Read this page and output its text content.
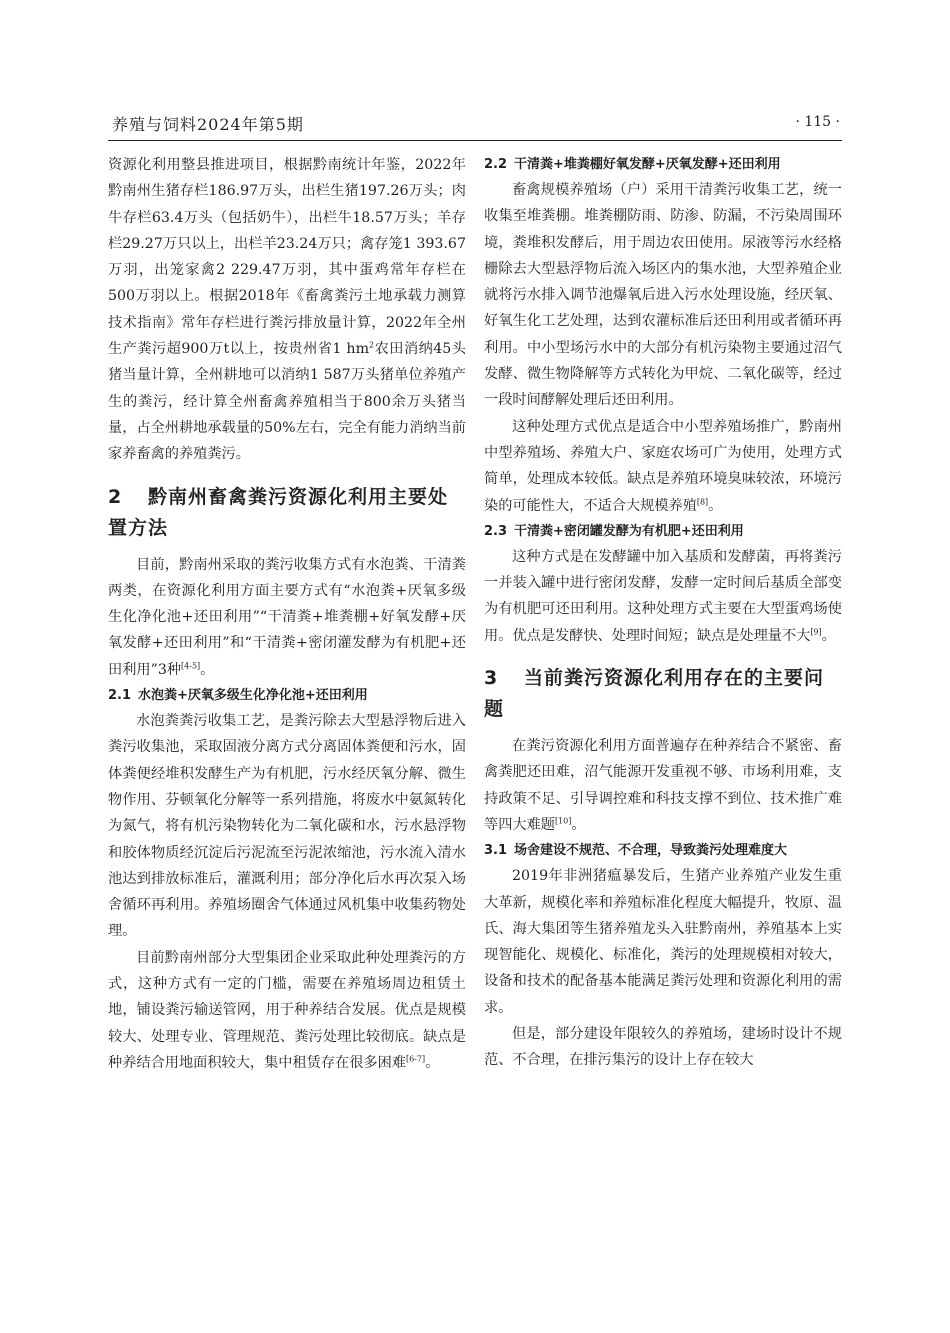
养殖与饲料2024年第5期	· 115 ·

资源化利用整县推进项目，根据黔南统计年鉴，2022年黔南州生猪存栏186.97万头，出栏生猪197.26万头；肉牛存栏63.4万头（包括奶牛），出栏牛18.57万头；羊存栏29.27万只以上，出栏羊23.24万只；禽存笼1 393.67万羽，出笼家禽2 229.47万羽，其中蛋鸡常年存栏在500万羽以上。根据2018年《畜禽粪污土地承载力测算技术指南》常年存栏进行粪污排放量计算，2022年全州生产粪污超900万t以上，按贵州省1 $hm^2$农田消纳45头猪当量计算，全州耕地可以消纳1 587万头猪单位养殖产生的粪污，经计算全州畜禽养殖相当于800余万头猪当量，占全州耕地承载量的50%左右，完全有能力消纳当前家养畜禽的养殖粪污。

2 黔南州畜禽粪污资源化利用主要处置方法

目前，黔南州采取的粪污收集方式有水泡粪、干清粪两类，在资源化利用方面主要方式有“水泡粪+厌氧多级生化净化池+还田利用”“干清粪+堆粪棚+好氧发酵+厌氧发酵+还田利用”和“干清粪+密闭灌发酵为有机肥+还田利用”3种[4-5]。

2.1 水泡粪+厌氧多级生化净化池+还田利用

水泡粪粪污收集工艺，是粪污除去大型悬浮物后进入粪污收集池，采取固液分离方式分离固体粪便和污水，固体粪便经堆积发酵生产为有机肥，污水经厌氧分解、微生物作用、芬顿氧化分解等一系列措施，将废水中氨氮转化为氮气，将有机污染物转化为二氧化碳和水，污水悬浮物和胶体物质经沉淀后污泥流至污泥浓缩池，污水流入清水池达到排放标准后，灌溉利用；部分净化后水再次泵入场舍循环再利用。养殖场圈舍气体通过风机集中收集药物处理。

目前黔南州部分大型集团企业采取此种处理粪污的方式，这种方式有一定的门槛，需要在养殖场周边租赁土地，铺设粪污输送管网，用于种养结合发展。优点是规模较大、处理专业、管理规范、粪污处理比较彻底。缺点是种养结合用地面积较大，集中租赁存在很多困难[6-7]。

2.2 干清粪+堆粪棚好氧发酵+厌氧发酵+还田利用

畜禽规模养殖场（户）采用干清粪污收集工艺，统一收集至堆粪棚。堆粪棚防雨、防渗、防漏，不污染周围环境，粪堆积发酵后，用于周边农田使用。尿液等污水经格栅除去大型悬浮物后流入场区内的集水池，大型养殖企业就将污水排入调节池爆氧后进入污水处理设施，经厌氧、好氧生化工艺处理，达到农灌标准后还田利用或者循环再利用。中小型场污水中的大部分有机污染物主要通过沼气发酵、微生物降解等方式转化为甲烷、二氧化碳等，经过一段时间酵解处理后还田利用。

这种处理方式优点是适合中小型养殖场推广，黔南州中型养殖场、养殖大户、家庭农场可广为使用，处理方式简单，处理成本较低。缺点是养殖环境臭味较浓，环境污染的可能性大，不适合大规模养殖[8]。

2.3 干清粪+密闭罐发酵为有机肥+还田利用

这种方式是在发酵罐中加入基质和发酵菌，再将粪污一并装入罐中进行密闭发酵，发酵一定时间后基质全部变为有机肥可还田利用。这种处理方式主要在大型蛋鸡场使用。优点是发酵快、处理时间短；缺点是处理量不大[9]。

3 当前粪污资源化利用存在的主要问题

在粪污资源化利用方面普遍存在种养结合不紧密、畜禽粪肥还田难，沼气能源开发重视不够、市场利用难，支持政策不足、引导调控难和科技支撑不到位、技术推广难等四大难题[10]。

3.1 场舍建设不规范、不合理，导致粪污处理难度大

2019年非洲猪瘟暴发后，生猪产业养殖产业发生重大革新，规模化率和养殖标准化程度大幅提升，牧原、温氏、海大集团等生猪养殖龙头入驻黔南州，养殖基本上实现智能化、规模化、标准化，粪污的处理规模相对较大，设备和技术的配备基本能满足粪污处理和资源化利用的需求。

但是，部分建设年限较久的养殖场，建场时设计不规范、不合理，在排污集污的设计上存在较大
